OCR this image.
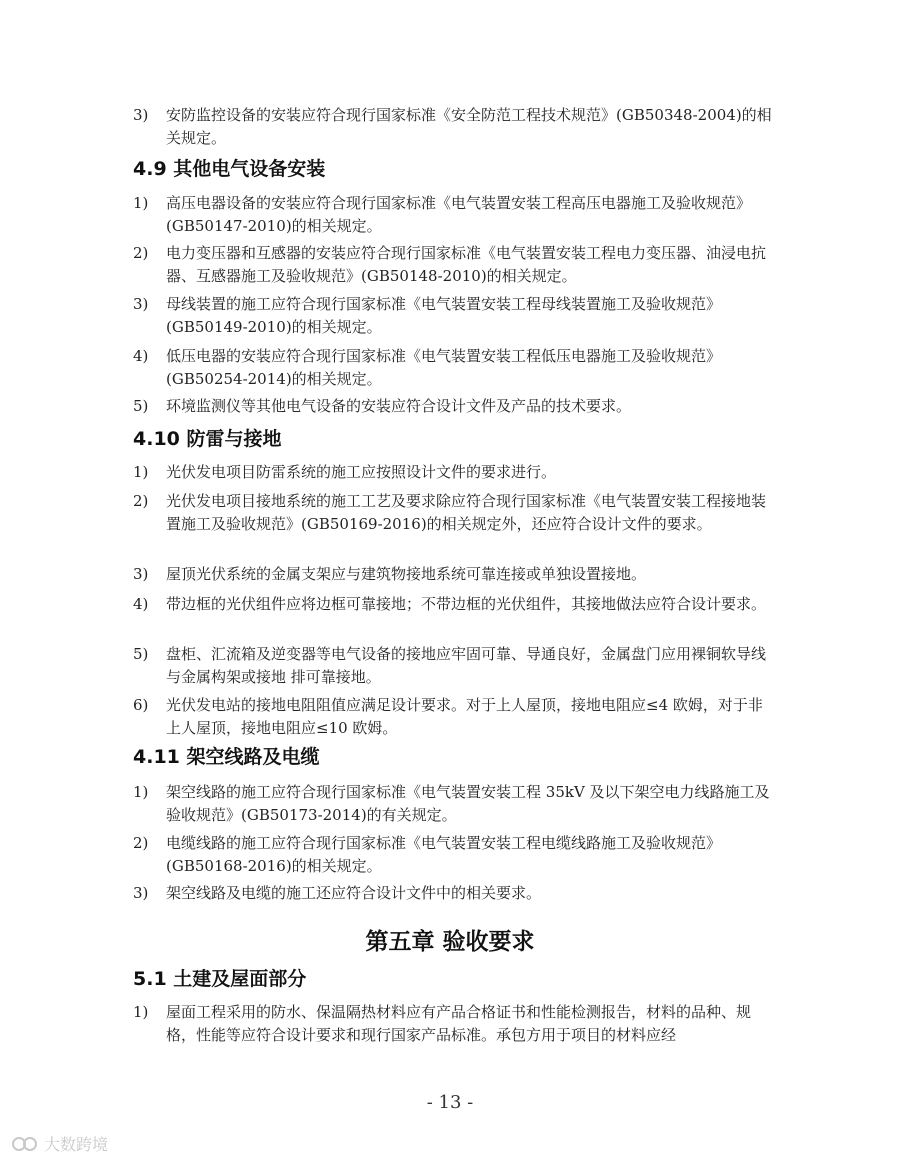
3)	安防监控设备的安装应符合现行国家标准《安全防范工程技术规范》(GB50348-2004)的相关规定。
4.9 其他电气设备安装
1)	高压电器设备的安装应符合现行国家标准《电气装置安装工程高压电器施工及验收规范》(GB50147-2010)的相关规定。
2)	电力变压器和互感器的安装应符合现行国家标准《电气装置安装工程电力变压器、油浸电抗器、互感器施工及验收规范》(GB50148-2010)的相关规定。
3)	母线装置的施工应符合现行国家标准《电气装置安装工程母线装置施工及验收规范》(GB50149-2010)的相关规定。
4)	低压电器的安装应符合现行国家标准《电气装置安装工程低压电器施工及验收规范》(GB50254-2014)的相关规定。
5)	环境监测仪等其他电气设备的安装应符合设计文件及产品的技术要求。
4.10 防雷与接地
1)	光伏发电项目防雷系统的施工应按照设计文件的要求进行。
2)	光伏发电项目接地系统的施工工艺及要求除应符合现行国家标准《电气装置安装工程接地装置施工及验收规范》(GB50169-2016)的相关规定外，还应符合设计文件的要求。
3)	屋顶光伏系统的金属支架应与建筑物接地系统可靠连接或单独设置接地。
4)	带边框的光伏组件应将边框可靠接地；不带边框的光伏组件，其接地做法应符合设计要求。
5)	盘柜、汇流箱及逆变器等电气设备的接地应牢固可靠、导通良好，金属盘门应用裸铜软导线与金属构架或接地 排可靠接地。
6)	光伏发电站的接地电阻阻值应满足设计要求。对于上人屋顶，接地电阻应≤4 欧姆，对于非上人屋顶，接地电阻应≤10 欧姆。
4.11 架空线路及电缆
1)	架空线路的施工应符合现行国家标准《电气装置安装工程 35kV 及以下架空电力线路施工及验收规范》(GB50173-2014)的有关规定。
2)	电缆线路的施工应符合现行国家标准《电气装置安装工程电缆线路施工及验收规范》(GB50168-2016)的相关规定。
3)	架空线路及电缆的施工还应符合设计文件中的相关要求。
第五章 验收要求
5.1 土建及屋面部分
1)	屋面工程采用的防水、保温隔热材料应有产品合格证书和性能检测报告，材料的品种、规格，性能等应符合设计要求和现行国家产品标准。承包方用于项目的材料应经
- 13 -
大数跨境
